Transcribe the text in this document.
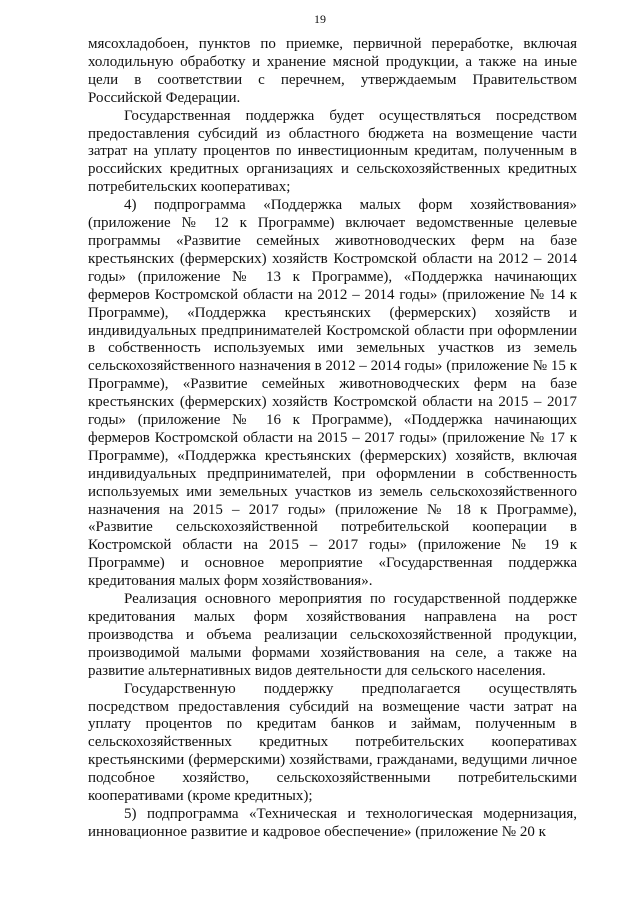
19

мясохладобоен, пунктов по приемке, первичной переработке, включая холодильную обработку и хранение мясной продукции, а также на иные цели в соответствии с перечнем, утверждаемым Правительством Российской Федерации.

Государственная поддержка будет осуществляться посредством предоставления субсидий из областного бюджета на возмещение части затрат на уплату процентов по инвестиционным кредитам, полученным в российских кредитных организациях и сельскохозяйственных кредитных потребительских кооперативах;

4) подпрограмма «Поддержка малых форм хозяйствования» (приложение № 12 к Программе) включает ведомственные целевые программы «Развитие семейных животноводческих ферм на базе крестьянских (фермерских) хозяйств Костромской области на 2012 – 2014 годы» (приложение № 13 к Программе), «Поддержка начинающих фермеров Костромской области на 2012 – 2014 годы» (приложение № 14 к Программе), «Поддержка крестьянских (фермерских) хозяйств и индивидуальных предпринимателей Костромской области при оформлении в собственность используемых ими земельных участков из земель сельскохозяйственного назначения в 2012 – 2014 годы» (приложение № 15 к Программе), «Развитие семейных животноводческих ферм на базе крестьянских (фермерских) хозяйств Костромской области на 2015 – 2017 годы» (приложение № 16 к Программе), «Поддержка начинающих фермеров Костромской области на 2015 – 2017 годы» (приложение № 17 к Программе), «Поддержка крестьянских (фермерских) хозяйств, включая индивидуальных предпринимателей, при оформлении в собственность используемых ими земельных участков из земель сельскохозяйственного назначения на 2015 – 2017 годы» (приложение № 18 к Программе), «Развитие сельскохозяйственной потребительской кооперации в Костромской области на 2015 – 2017 годы» (приложение № 19 к Программе) и основное мероприятие «Государственная поддержка кредитования малых форм хозяйствования».

Реализация основного мероприятия по государственной поддержке кредитования малых форм хозяйствования направлена на рост производства и объема реализации сельскохозяйственной продукции, производимой малыми формами хозяйствования на селе, а также на развитие альтернативных видов деятельности для сельского населения.

Государственную поддержку предполагается осуществлять посредством предоставления субсидий на возмещение части затрат на уплату процентов по кредитам банков и займам, полученным в сельскохозяйственных кредитных потребительских кооперативах крестьянскими (фермерскими) хозяйствами, гражданами, ведущими личное подсобное хозяйство, сельскохозяйственными потребительскими кооперативами (кроме кредитных);

5) подпрограмма «Техническая и технологическая модернизация, инновационное развитие и кадровое обеспечение» (приложение № 20 к
